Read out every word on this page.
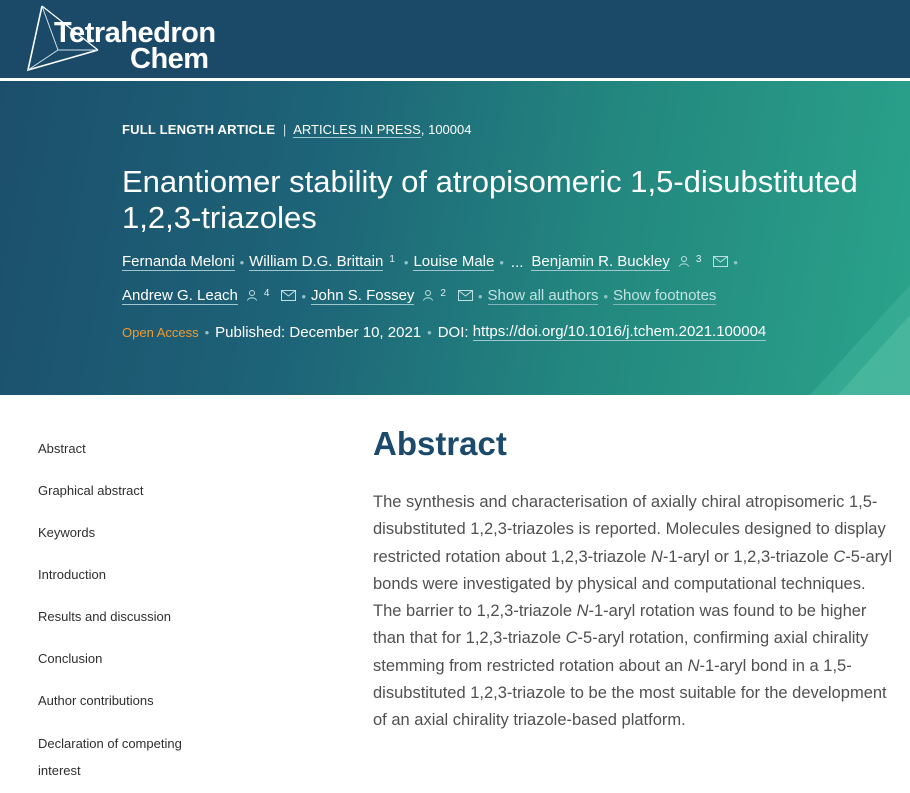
Tetrahedron
Chem
FULL LENGTH ARTICLE | ARTICLES IN PRESS, 100004
Enantiomer stability of atropisomeric 1,5-disubstituted 1,2,3-triazoles
Fernanda Meloni • William D.G. Brittain 1 • Louise Male • ... Benjamin R. Buckley	3 •
Andrew G. Leach	4 • John S. Fossey	2 • Show all authors • Show footnotes
Open Access • Published: December 10, 2021 • DOI:
https://doi.org/10.1016/j.tchem.2021.100004
Abstract
Graphical abstract
Keywords
Introduction
Results and discussion
Conclusion
Author contributions
Declaration of competing interest
Abstract

The synthesis and characterisation of axially chiral atropisomeric 1,5-disubstituted 1,2,3-triazoles is reported. Molecules designed to display restricted rotation about 1,2,3-triazole N-1-aryl or 1,2,3-triazole C-5-aryl bonds were investigated by physical and computational techniques. The barrier to 1,2,3-triazole N-1-aryl rotation was found to be higher than that for 1,2,3-triazole C-5-aryl rotation, confirming axial chirality stemming from restricted rotation about an N-1-aryl bond in a 1,5-disubstituted 1,2,3-triazole to be the most suitable for the development of an axial chirality triazole-based platform.
